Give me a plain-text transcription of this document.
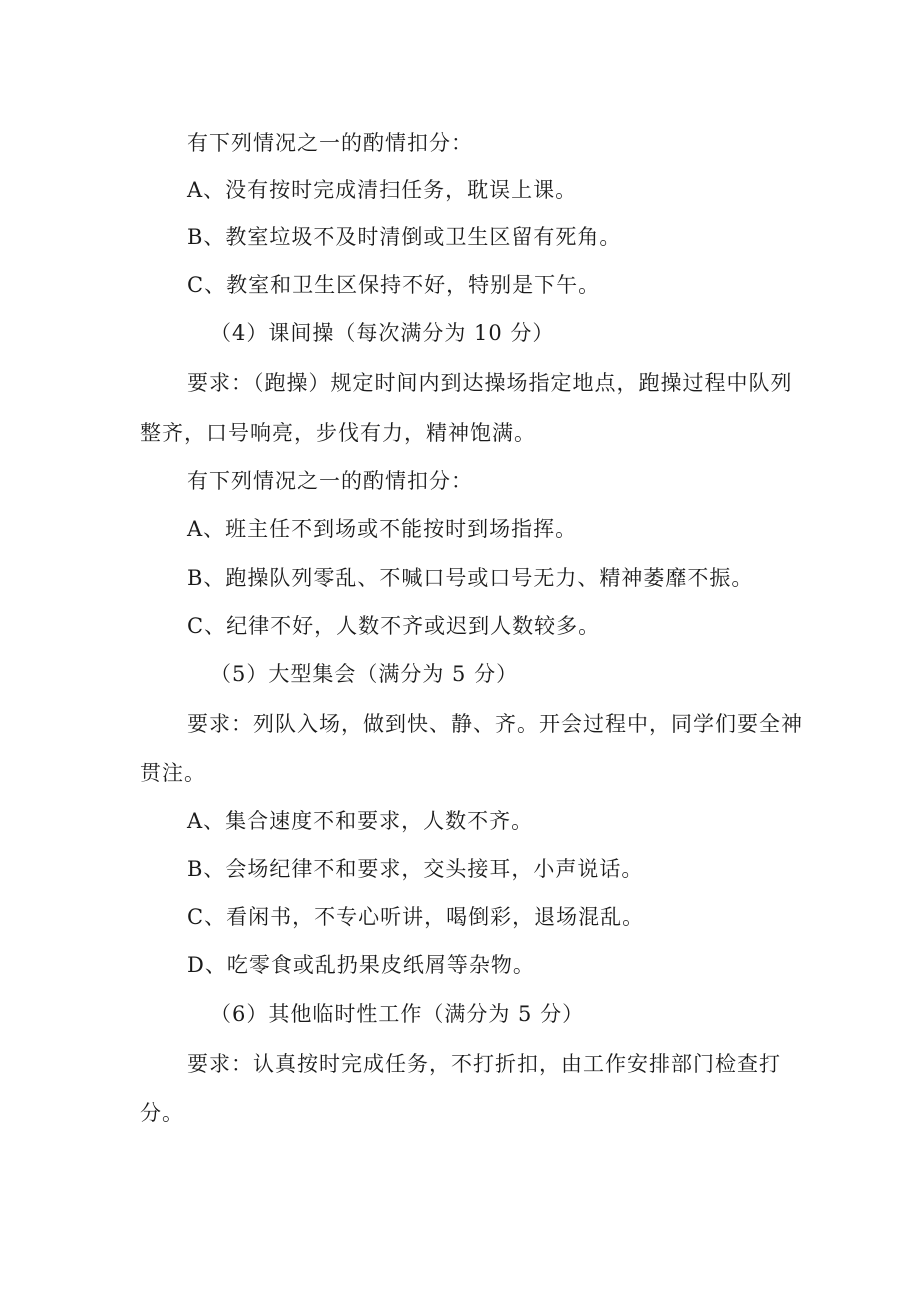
有下列情况之一的酌情扣分：
A、没有按时完成清扫任务，耽误上课。
B、教室垃圾不及时清倒或卫生区留有死角。
C、教室和卫生区保持不好，特别是下午。
（4）课间操（每次满分为 10 分）
要求：（跑操）规定时间内到达操场指定地点，跑操过程中队列
整齐，口号响亮，步伐有力，精神饱满。
有下列情况之一的酌情扣分：
A、班主任不到场或不能按时到场指挥。
B、跑操队列零乱、不喊口号或口号无力、精神萎靡不振。
C、纪律不好，人数不齐或迟到人数较多。
（5）大型集会（满分为 5 分）
要求：列队入场，做到快、静、齐。开会过程中，同学们要全神
贯注。
A、集合速度不和要求，人数不齐。
B、会场纪律不和要求，交头接耳，小声说话。
C、看闲书，不专心听讲，喝倒彩，退场混乱。
D、吃零食或乱扔果皮纸屑等杂物。
（6）其他临时性工作（满分为 5 分）
要求：认真按时完成任务，不打折扣，由工作安排部门检查打
分。
